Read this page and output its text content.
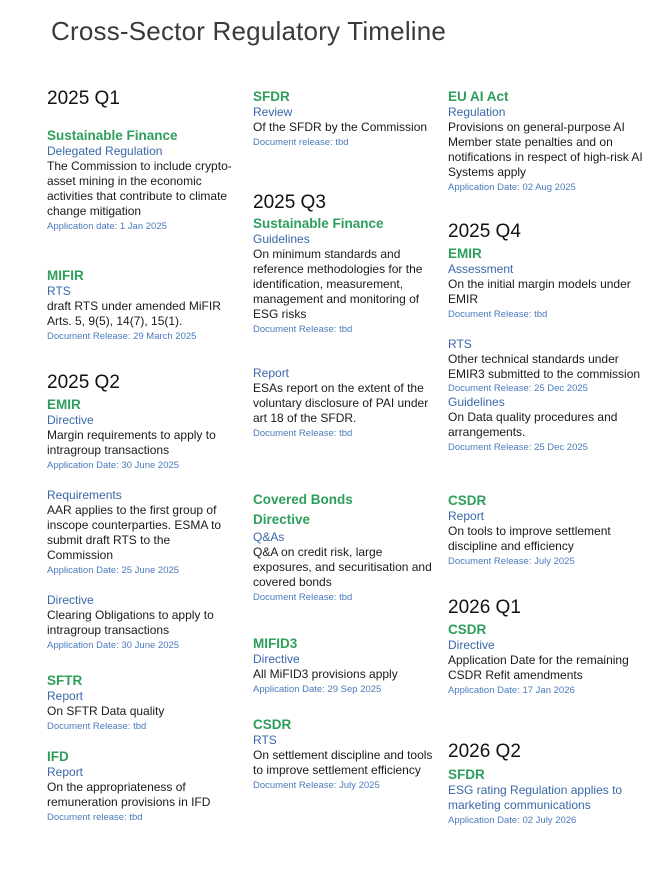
Cross-Sector Regulatory Timeline
2025 Q1
Sustainable Finance
Delegated Regulation
The Commission to include crypto-asset mining in the economic activities that contribute to climate change mitigation
Application date: 1 Jan 2025
MIFIR
RTS
draft RTS under amended MiFIR Arts. 5, 9(5), 14(7), 15(1).
Document Release: 29 March 2025
2025 Q2
EMIR
Directive
Margin requirements to apply to intragroup transactions
Application Date: 30 June 2025
Requirements
AAR applies to the first group of inscope counterparties. ESMA to submit draft RTS to the Commission
Application Date: 25 June 2025
Directive
Clearing Obligations to apply to intragroup transactions
Application Date: 30 June 2025
SFTR
Report
On SFTR Data quality
Document Release: tbd
IFD
Report
On the appropriateness of remuneration provisions in IFD
Document release: tbd
SFDR
Review
Of the SFDR by the Commission
Document release: tbd
2025 Q3
Sustainable Finance
Guidelines
On minimum standards and reference methodologies for the identification, measurement, management and monitoring of ESG risks
Document Release: tbd
Report
ESAs report on the extent of the voluntary disclosure of PAI under art 18 of the SFDR.
Document Release: tbd
Covered Bonds Directive
Q&As
Q&A on credit risk, large exposures, and securitisation and covered bonds
Document Release: tbd
MIFID3
Directive
All MiFID3 provisions apply
Application Date: 29 Sep 2025
CSDR
RTS
On settlement discipline and tools to improve settlement efficiency
Document Release: July 2025
EU AI Act
Regulation
Provisions on general-purpose AI Member state penalties and on notifications in respect of high-risk AI Systems apply
Application Date: 02 Aug 2025
2025 Q4
EMIR
Assessment
On the initial margin models under EMIR
Document Release: tbd
RTS
Other technical standards under EMIR3 submitted to the commission
Document Release: 25 Dec 2025
Guidelines
On Data quality procedures and arrangements.
Document Release: 25 Dec 2025
CSDR
Report
On tools to improve settlement discipline and efficiency
Document Release: July 2025
2026 Q1
CSDR
Directive
Application Date for the remaining CSDR Refit amendments
Application Date: 17 Jan 2026
2026 Q2
SFDR
ESG rating Regulation applies to marketing communications
Application Date: 02 July 2026
